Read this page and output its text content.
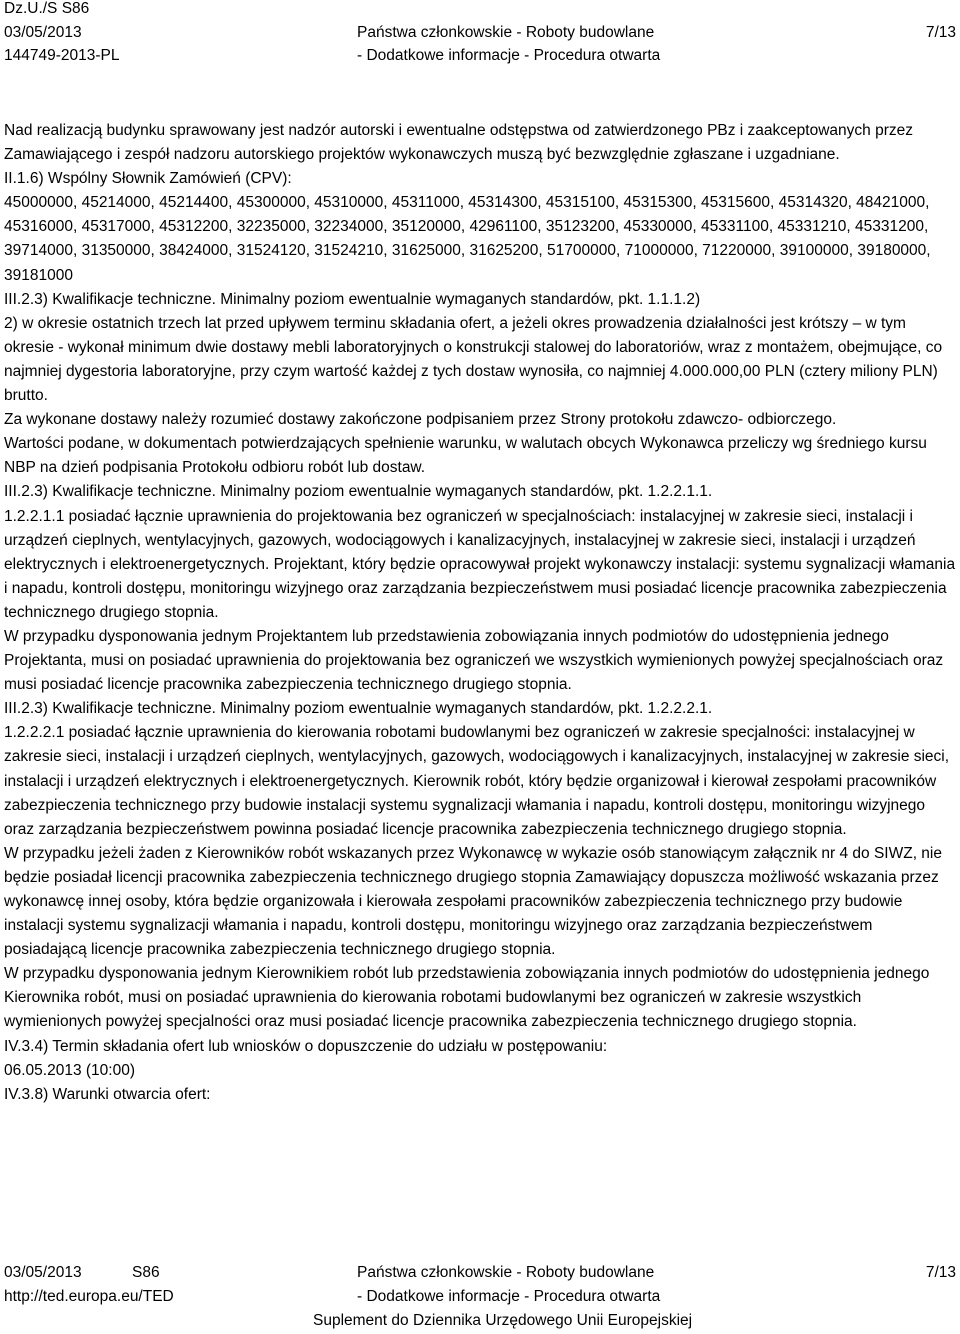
Dz.U./S S86
03/05/2013	Państwa członkowskie - Roboty budowlane	7/13
144749-2013-PL	- Dodatkowe informacje - Procedura otwarta

Nad realizacją budynku sprawowany jest nadzór autorski i ewentualne odstępstwa od zatwierdzonego PBz i zaakceptowanych przez Zamawiającego i zespół nadzoru autorskiego projektów wykonawczych muszą być bezwzględnie zgłaszane i uzgadniane.

II.1.6) Wspólny Słownik Zamówień (CPV):

45000000, 45214000, 45214400, 45300000, 45310000, 45311000, 45314300, 45315100, 45315300, 45315600, 45314320, 48421000, 45316000, 45317000, 45312200, 32235000, 32234000, 35120000, 42961100, 35123200, 45330000, 45331100, 45331210, 45331200, 39714000, 31350000, 38424000, 31524120, 31524210, 31625000, 31625200, 51700000, 71000000, 71220000, 39100000, 39180000, 39181000

III.2.3) Kwalifikacje techniczne. Minimalny poziom ewentualnie wymaganych standardów, pkt. 1.1.1.2)

2) w okresie ostatnich trzech lat przed upływem terminu składania ofert, a jeżeli okres prowadzenia działalności jest krótszy – w tym okresie - wykonał minimum dwie dostawy mebli laboratoryjnych o konstrukcji stalowej do laboratoriów, wraz z montażem, obejmujące, co najmniej dygestoria laboratoryjne, przy czym wartość każdej z tych dostaw wynosiła, co najmniej 4.000.000,00 PLN (cztery miliony PLN) brutto.

Za wykonane dostawy należy rozumieć dostawy zakończone podpisaniem przez Strony protokołu zdawczo- odbiorczego.

Wartości podane, w dokumentach potwierdzających spełnienie warunku, w walutach obcych Wykonawca przeliczy wg średniego kursu NBP na dzień podpisania Protokołu odbioru robót lub dostaw.

III.2.3) Kwalifikacje techniczne. Minimalny poziom ewentualnie wymaganych standardów, pkt. 1.2.2.1.1.

1.2.2.1.1 posiadać łącznie uprawnienia do projektowania bez ograniczeń w specjalnościach: instalacyjnej w zakresie sieci, instalacji i urządzeń cieplnych, wentylacyjnych, gazowych, wodociągowych i kanalizacyjnych, instalacyjnej w zakresie sieci, instalacji i urządzeń elektrycznych i elektroenergetycznych. Projektant, który będzie opracowywał projekt wykonawczy instalacji: systemu sygnalizacji włamania i napadu, kontroli dostępu, monitoringu wizyjnego oraz zarządzania bezpieczeństwem musi posiadać licencje pracownika zabezpieczenia technicznego drugiego stopnia.

W przypadku dysponowania jednym Projektantem lub przedstawienia zobowiązania innych podmiotów do udostępnienia jednego Projektanta, musi on posiadać uprawnienia do projektowania bez ograniczeń we wszystkich wymienionych powyżej specjalnościach oraz musi posiadać licencje pracownika zabezpieczenia technicznego drugiego stopnia.

III.2.3) Kwalifikacje techniczne. Minimalny poziom ewentualnie wymaganych standardów, pkt. 1.2.2.2.1.

1.2.2.2.1 posiadać łącznie uprawnienia do kierowania robotami budowlanymi bez ograniczeń w zakresie specjalności: instalacyjnej w zakresie sieci, instalacji i urządzeń cieplnych, wentylacyjnych, gazowych, wodociągowych i kanalizacyjnych, instalacyjnej w zakresie sieci, instalacji i urządzeń elektrycznych i elektroenergetycznych. Kierownik robót, który będzie organizował i kierował zespołami pracowników zabezpieczenia technicznego przy budowie instalacji systemu sygnalizacji włamania i napadu, kontroli dostępu, monitoringu wizyjnego oraz zarządzania bezpieczeństwem powinna posiadać licencje pracownika zabezpieczenia technicznego drugiego stopnia.

W przypadku jeżeli żaden z Kierowników robót wskazanych przez Wykonawcę w wykazie osób stanowiącym załącznik nr 4 do SIWZ, nie będzie posiadał licencji pracownika zabezpieczenia technicznego drugiego stopnia Zamawiający dopuszcza możliwość wskazania przez wykonawcę innej osoby, która będzie organizowała i kierowała zespołami pracowników zabezpieczenia technicznego przy budowie instalacji systemu sygnalizacji włamania i napadu, kontroli dostępu, monitoringu wizyjnego oraz zarządzania bezpieczeństwem posiadającą licencje pracownika zabezpieczenia technicznego drugiego stopnia.

W przypadku dysponowania jednym Kierownikiem robót lub przedstawienia zobowiązania innych podmiotów do udostępnienia jednego Kierownika robót, musi on posiadać uprawnienia do kierowania robotami budowlanymi bez ograniczeń w zakresie wszystkich wymienionych powyżej specjalności oraz musi posiadać licencje pracownika zabezpieczenia technicznego drugiego stopnia.

IV.3.4) Termin składania ofert lub wniosków o dopuszczenie do udziału w postępowaniu:

06.05.2013 (10:00)

IV.3.8) Warunki otwarcia ofert:

03/05/2013	S86	Państwa członkowskie - Roboty budowlane	7/13
http://ted.europa.eu/TED	- Dodatkowe informacje - Procedura otwarta
Suplement do Dziennika Urzędowego Unii Europejskiej
